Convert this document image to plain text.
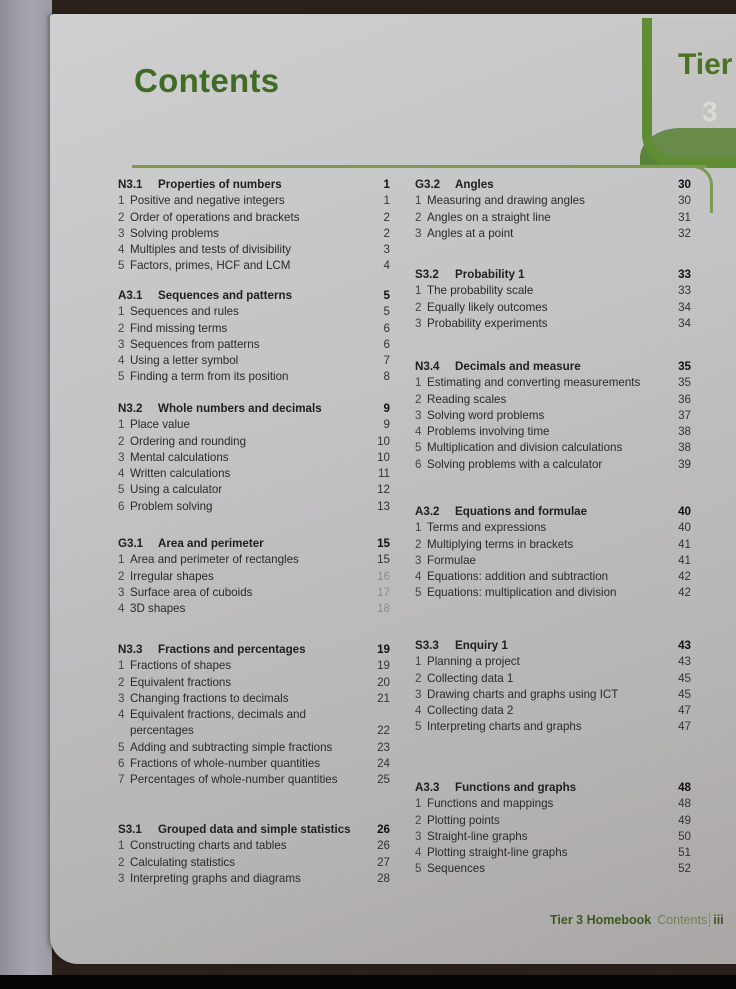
Contents	Tier
3
N3.1 Properties of numbers	1
1 Positive and negative integers	1
2 Order of operations and brackets	2
3 Solving problems	2
4 Multiples and tests of divisibility	3
5 Factors, primes, HCF and LCM	4
A3.1 Sequences and patterns	5
1 Sequences and rules	5
2 Find missing terms	6
3 Sequences from patterns	6
4 Using a letter symbol	7
5 Finding a term from its position	8
N3.2 Whole numbers and decimals	9
1 Place value	9
2 Ordering and rounding	10
3 Mental calculations	10
4 Written calculations	11
5 Using a calculator	12
6 Problem solving	13
G3.1 Area and perimeter	15
1 Area and perimeter of rectangles	15
2 Irregular shapes	16
3 Surface area of cuboids	17
4 3D shapes	18
N3.3 Fractions and percentages	19
1 Fractions of shapes	19
2 Equivalent fractions	20
3 Changing fractions to decimals	21
4 Equivalent fractions, decimals and
percentages	22
5 Adding and subtracting simple fractions	23
6 Fractions of whole-number quantities	24
7 Percentages of whole-number quantities	25
S3.1 Grouped data and simple statistics 26
1 Constructing charts and tables	26
2 Calculating statistics	27
3 Interpreting graphs and diagrams	28
G3.2 Angles	30
1 Measuring and drawing angles	30
2 Angles on a straight line	31
3 Angles at a point	32
S3.2 Probability 1	33
1 The probability scale	33
2 Equally likely outcomes	34
3 Probability experiments	34
N3.4 Decimals and measure	35
1 Estimating and converting measurements	35
2 Reading scales	36
3 Solving word problems	37
4 Problems involving time	38
5 Multiplication and division calculations	38
6 Solving problems with a calculator	39
A3.2 Equations and formulae	40
1 Terms and expressions	40
2 Multiplying terms in brackets	41
3 Formulae	41
4 Equations: addition and subtraction	42
5 Equations: multiplication and division	42
S3.3 Enquiry 1	43
1 Planning a project	43
2 Collecting data 1	45
3 Drawing charts and graphs using ICT	45
4 Collecting data 2	47
5 Interpreting charts and graphs	47
A3.3 Functions and graphs	48
1 Functions and mappings	48
2 Plotting points	49
3 Straight-line graphs	50
4 Plotting straight-line graphs	51
5 Sequences	52
Tier 3 Homebook Contents iii
